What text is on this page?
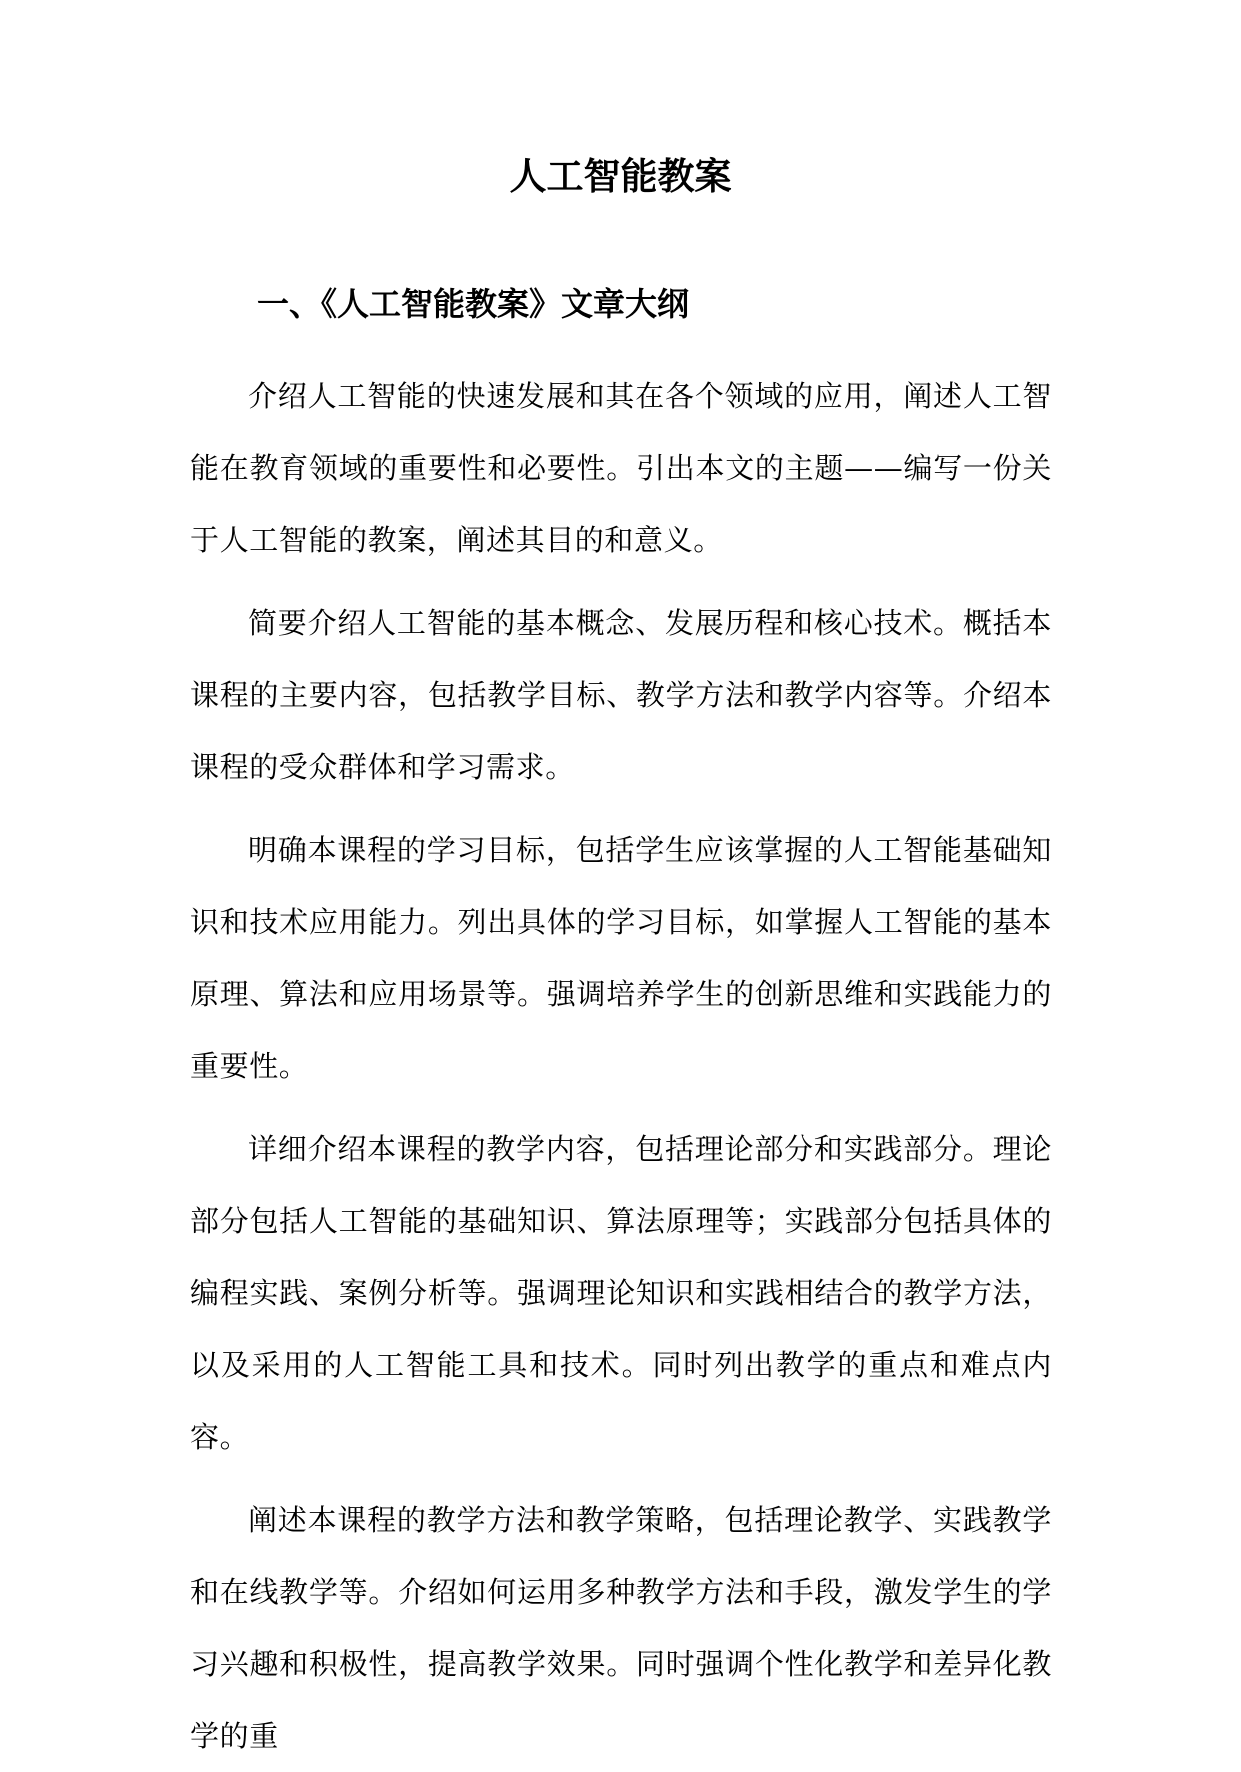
人工智能教案
一、《人工智能教案》文章大纲

介绍人工智能的快速发展和其在各个领域的应用，阐述人工智能在教育领域的重要性和必要性。引出本文的主题——编写一份关于人工智能的教案，阐述其目的和意义。

简要介绍人工智能的基本概念、发展历程和核心技术。概括本课程的主要内容，包括教学目标、教学方法和教学内容等。介绍本课程的受众群体和学习需求。

明确本课程的学习目标，包括学生应该掌握的人工智能基础知识和技术应用能力。列出具体的学习目标，如掌握人工智能的基本原理、算法和应用场景等。强调培养学生的创新思维和实践能力的重要性。

详细介绍本课程的教学内容，包括理论部分和实践部分。理论部分包括人工智能的基础知识、算法原理等；实践部分包括具体的编程实践、案例分析等。强调理论知识和实践相结合的教学方法，以及采用的人工智能工具和技术。同时列出教学的重点和难点内容。

阐述本课程的教学方法和教学策略，包括理论教学、实践教学和在线教学等。介绍如何运用多种教学方法和手段，激发学生的学习兴趣和积极性，提高教学效果。同时强调个性化教学和差异化教学的重
